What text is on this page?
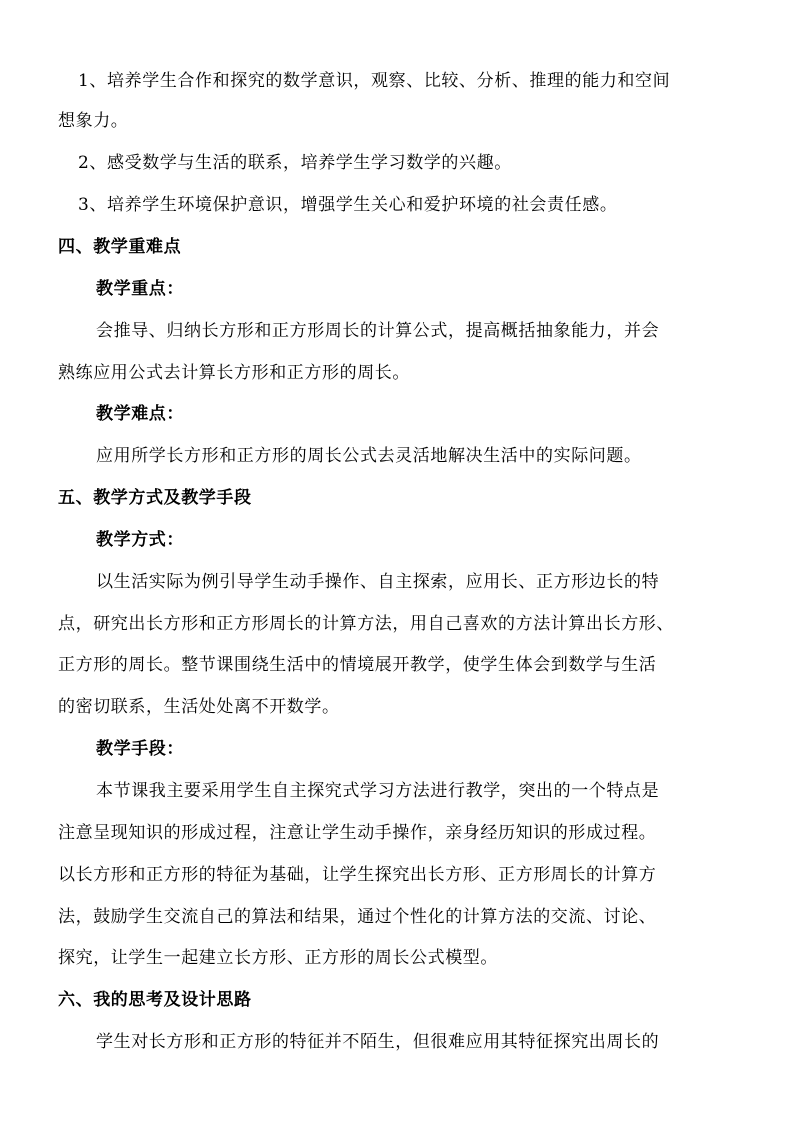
1、培养学生合作和探究的数学意识，观察、比较、分析、推理的能力和空间
想象力。
2、感受数学与生活的联系，培养学生学习数学的兴趣。
3、培养学生环境保护意识，增强学生关心和爱护环境的社会责任感。
四、教学重难点
教学重点：
会推导、归纳长方形和正方形周长的计算公式，提高概括抽象能力，并会
熟练应用公式去计算长方形和正方形的周长。
教学难点：
应用所学长方形和正方形的周长公式去灵活地解决生活中的实际问题。
五、教学方式及教学手段
教学方式：
以生活实际为例引导学生动手操作、自主探索，应用长、正方形边长的特
点，研究出长方形和正方形周长的计算方法，用自己喜欢的方法计算出长方形、
正方形的周长。整节课围绕生活中的情境展开教学，使学生体会到数学与生活
的密切联系，生活处处离不开数学。
教学手段：
本节课我主要采用学生自主探究式学习方法进行教学，突出的一个特点是
注意呈现知识的形成过程，注意让学生动手操作，亲身经历知识的形成过程。
以长方形和正方形的特征为基础，让学生探究出长方形、正方形周长的计算方
法，鼓励学生交流自己的算法和结果，通过个性化的计算方法的交流、讨论、
探究，让学生一起建立长方形、正方形的周长公式模型。
六、我的思考及设计思路
学生对长方形和正方形的特征并不陌生，但很难应用其特征探究出周长的
